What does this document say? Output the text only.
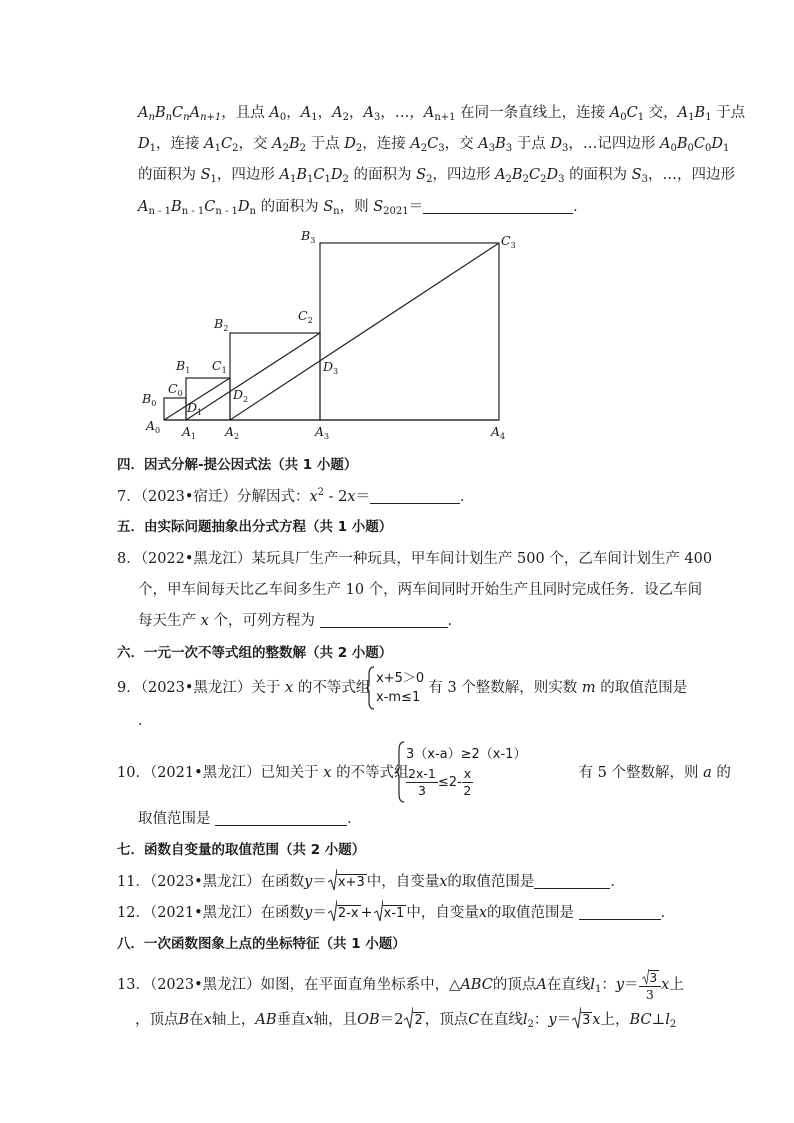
$A_nB_nC_nA_{n+1}$，且点 $A_0$，$A_1$，$A_2$，$A_3$，…，$A_{n+1}$ 在同一条直线上，连接 $A_0C_1$ 交，$A_1B_1$ 于点
$D_1$，连接 $A_1C_2$，交 $A_2B_2$ 于点 $D_2$，连接 $A_2C_3$，交 $A_3B_3$ 于点 $D_3$，…记四边形 $A_0B_0C_0D_1$
的面积为 $S_1$，四边形 $A_1B_1C_1D_2$ 的面积为 $S_2$，四边形 $A_2B_2C_2D_3$ 的面积为 $S_3$，…，四边形
$A_{n - 1}B_{n - 1}C_{n - 1}D_n$ 的面积为 $S_n$，则 $S_{2021}=$	．
$B_0$
$C_0$
$D_1$
$A_0$ $A_1$
$B_1$ $C_1$
$D_2$
$A_2$
$B_2$
$C_2$
$D_3$
$A_3$
$B_3$	$C_3$
$A_4$
四．因式分解-提公因式法（共 1 小题）
7．（2023•宿迁）分解因式：$x^2 - 2x=$	．
五．由实际问题抽象出分式方程（共 1 小题）
8．（2022•黑龙江）某玩具厂生产一种玩具，甲车间计划生产 500 个，乙车间计划生产 400
个，甲车间每天比乙车间多生产 10 个，两车间同时开始生产且同时完成任务．设乙车间
每天生产 x 个，可列方程为	．
六．一元一次不等式组的整数解（共 2 小题）
9．（2023•黑龙江）关于 x 的不等式组	有 3 个整数解，则实数 m 的取值范围是
x+5＞0
x-m≤1
．
10．（2021•黑龙江）已知关于 x 的不等式组	有 5 个整数解，则 a 的
3（x-a）≥2（x-1）
$\frac{2x-1}{3} \le 2- \frac{x}{2}$
取值范围是	．
七．函数自变量的取值范围（共 2 小题）
11．（2023•黑龙江）在函数y＝ x+3 中，自变量x的取值范围是	．
12．（2021•黑龙江）在函数y＝ 2-x + x-1 中，自变量x的取值范围是	．
八．一次函数图象上点的坐标特征（共 1 小题）
13．（2023•黑龙江）如图，在平面直角坐标系中，△ABC的顶点A在直线$l_1$：$y= \frac{3}{3}$ x上
，顶点B在x轴上，AB垂直x轴，且OB＝2 2 ，顶点C在直线$l_2$：y＝ 3 x上，$BC\perp l_2$
